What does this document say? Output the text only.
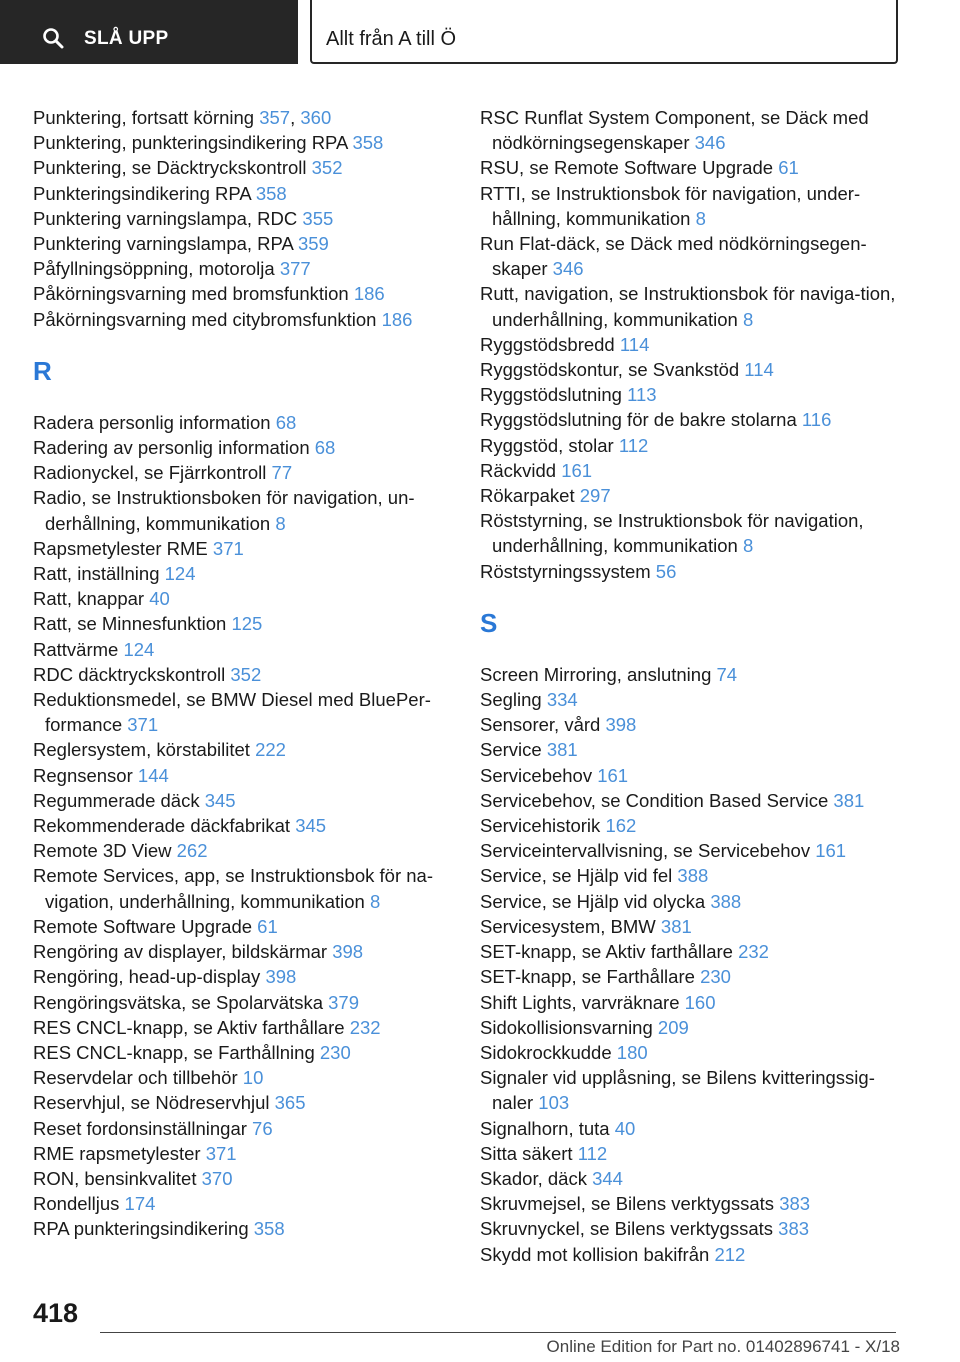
SLÅ UPP	Allt från A till Ö
Punktering, fortsatt körning 357, 360
Punktering, punkteringsindikering RPA 358
Punktering, se Däcktryckskontroll 352
Punkteringsindikering RPA 358
Punktering varningslampa, RDC 355
Punktering varningslampa, RPA 359
Påfyllningsöppning, motorolja 377
Påkörningsvarning med bromsfunktion 186
Påkörningsvarning med citybromsfunktion 186
R
Radera personlig information 68
Radering av personlig information 68
Radionyckel, se Fjärrkontroll 77
Radio, se Instruktionsboken för navigation, un‐derhållning, kommunikation 8
Rapsmetylester RME 371
Ratt, inställning 124
Ratt, knappar 40
Ratt, se Minnesfunktion 125
Rattvärme 124
RDC däcktryckskontroll 352
Reduktionsmedel, se BMW Diesel med BluePer‐formance 371
Reglersystem, körstabilitet 222
Regnsensor 144
Regummerade däck 345
Rekommenderade däckfabrikat 345
Remote 3D View 262
Remote Services, app, se Instruktionsbok för na‐vigation, underhållning, kommunikation 8
Remote Software Upgrade 61
Rengöring av displayer, bildskärmar 398
Rengöring, head-up-display 398
Rengöringsvätska, se Spolarvätska 379
RES CNCL-knapp, se Aktiv farthållare 232
RES CNCL-knapp, se Farthållning 230
Reservdelar och tillbehör 10
Reservhjul, se Nödreservhjul 365
Reset fordonsinställningar 76
RME rapsmetylester 371
RON, bensinkvalitet 370
Rondelljus 174
RPA punkteringsindikering 358
RSC Runflat System Component, se Däck med nödkörningsegenskaper 346
RSU, se Remote Software Upgrade 61
RTTI, se Instruktionsbok för navigation, under‐hållning, kommunikation 8
Run Flat-däck, se Däck med nödkörningsegen‐skaper 346
Rutt, navigation, se Instruktionsbok för naviga‐tion, underhållning, kommunikation 8
Ryggstödsbredd 114
Ryggstödskontur, se Svankstöd 114
Ryggstödslutning 113
Ryggstödslutning för de bakre stolarna 116
Ryggstöd, stolar 112
Räckvidd 161
Rökarpaket 297
Röststyrning, se Instruktionsbok för navigation, underhållning, kommunikation 8
Röststyrningssystem 56
S
Screen Mirroring, anslutning 74
Segling 334
Sensorer, vård 398
Service 381
Servicebehov 161
Servicebehov, se Condition Based Service 381
Servicehistorik 162
Serviceintervallvisning, se Servicebehov 161
Service, se Hjälp vid fel 388
Service, se Hjälp vid olycka 388
Servicesystem, BMW 381
SET-knapp, se Aktiv farthållare 232
SET-knapp, se Farthållare 230
Shift Lights, varvräknare 160
Sidokollisionsvarning 209
Sidokrockkudde 180
Signaler vid upplåsning, se Bilens kvitteringssig‐naler 103
Signalhorn, tuta 40
Sitta säkert 112
Skador, däck 344
Skruvmejsel, se Bilens verktygssats 383
Skruvnyckel, se Bilens verktygssats 383
Skydd mot kollision bakifrån 212
418
Online Edition for Part no. 01402896741 - X/18
